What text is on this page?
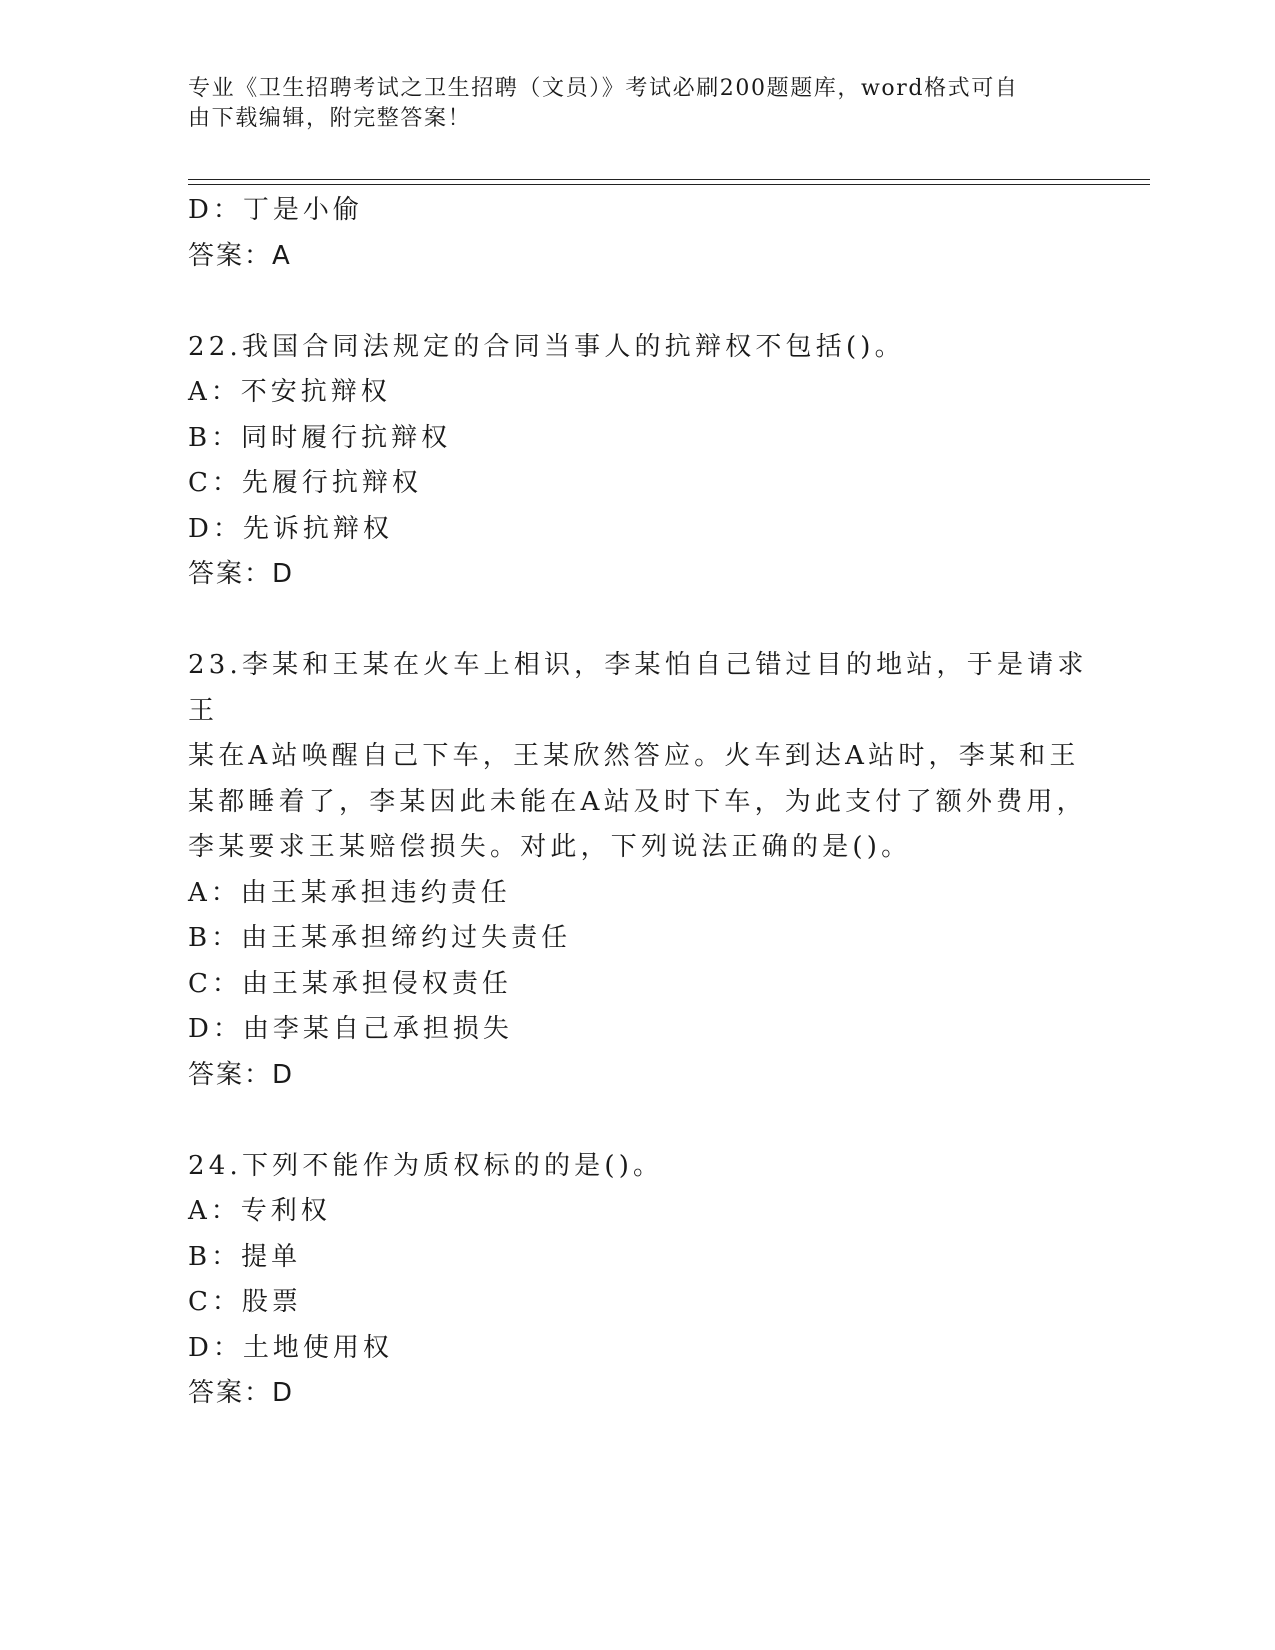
专业《卫生招聘考试之卫生招聘（文员）》考试必刷200题题库，word格式可自
由下载编辑，附完整答案！
D：丁是小偷
答案：A
22.我国合同法规定的合同当事人的抗辩权不包括()。
A：不安抗辩权
B：同时履行抗辩权
C：先履行抗辩权
D：先诉抗辩权
答案：D
23.李某和王某在火车上相识，李某怕自己错过目的地站，于是请求王
某在A站唤醒自己下车，王某欣然答应。火车到达A站时，李某和王
某都睡着了，李某因此未能在A站及时下车，为此支付了额外费用，
李某要求王某赔偿损失。对此，下列说法正确的是()。
A：由王某承担违约责任
B：由王某承担缔约过失责任
C：由王某承担侵权责任
D：由李某自己承担损失
答案：D
24.下列不能作为质权标的的是()。
A：专利权
B：提单
C：股票
D：土地使用权
答案：D
